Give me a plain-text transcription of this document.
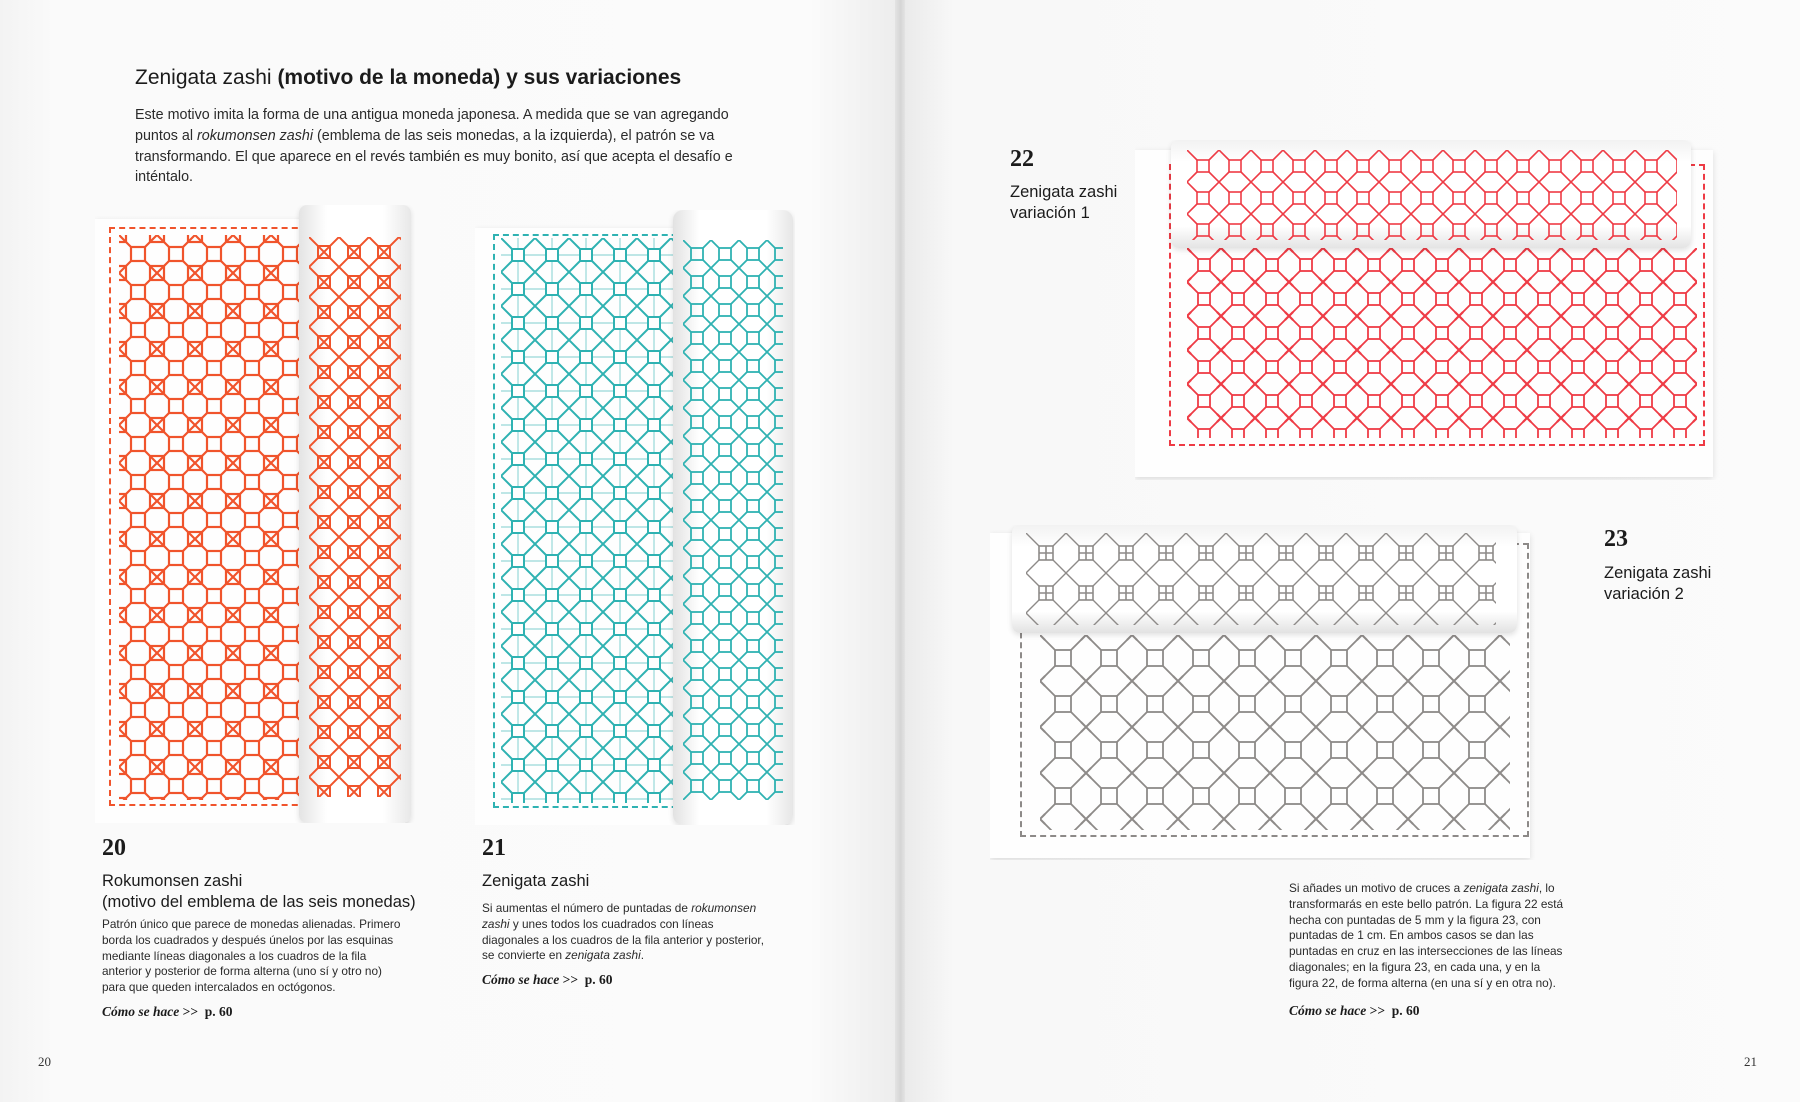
Zenigata zashi (motivo de la moneda) y sus variaciones
Este motivo imita la forma de una antigua moneda japonesa. A medida que se van agregando puntos al rokumonsen zashi (emblema de las seis monedas, a la izquierda), el patrón se va transformando. El que aparece en el revés también es muy bonito, así que acepta el desafío e inténtalo.
20
Rokumonsen zashi
(motivo del emblema de las seis monedas)
Patrón único que parece de monedas alienadas. Primero borda los cuadrados y después únelos por las esquinas mediante líneas diagonales a los cuadros de la fila anterior y posterior de forma alterna (uno sí y otro no) para que queden intercalados en octógonos.
Cómo se hace >> p. 60
21
Zenigata zashi
Si aumentas el número de puntadas de rokumonsen zashi y unes todos los cuadrados con líneas diagonales a los cuadros de la fila anterior y posterior, se convierte en zenigata zashi.
Cómo se hace >> p. 60
20
22
Zenigata zashi
variación 1
23
Zenigata zashi
variación 2
Si añades un motivo de cruces a zenigata zashi, lo transformarás en este bello patrón. La figura 22 está hecha con puntadas de 5 mm y la figura 23, con puntadas de 1 cm. En ambos casos se dan las puntadas en cruz en las intersecciones de las líneas diagonales; en la figura 23, en cada una, y en la figura 22, de forma alterna (en una sí y en otra no).
Cómo se hace >> p. 60
21
